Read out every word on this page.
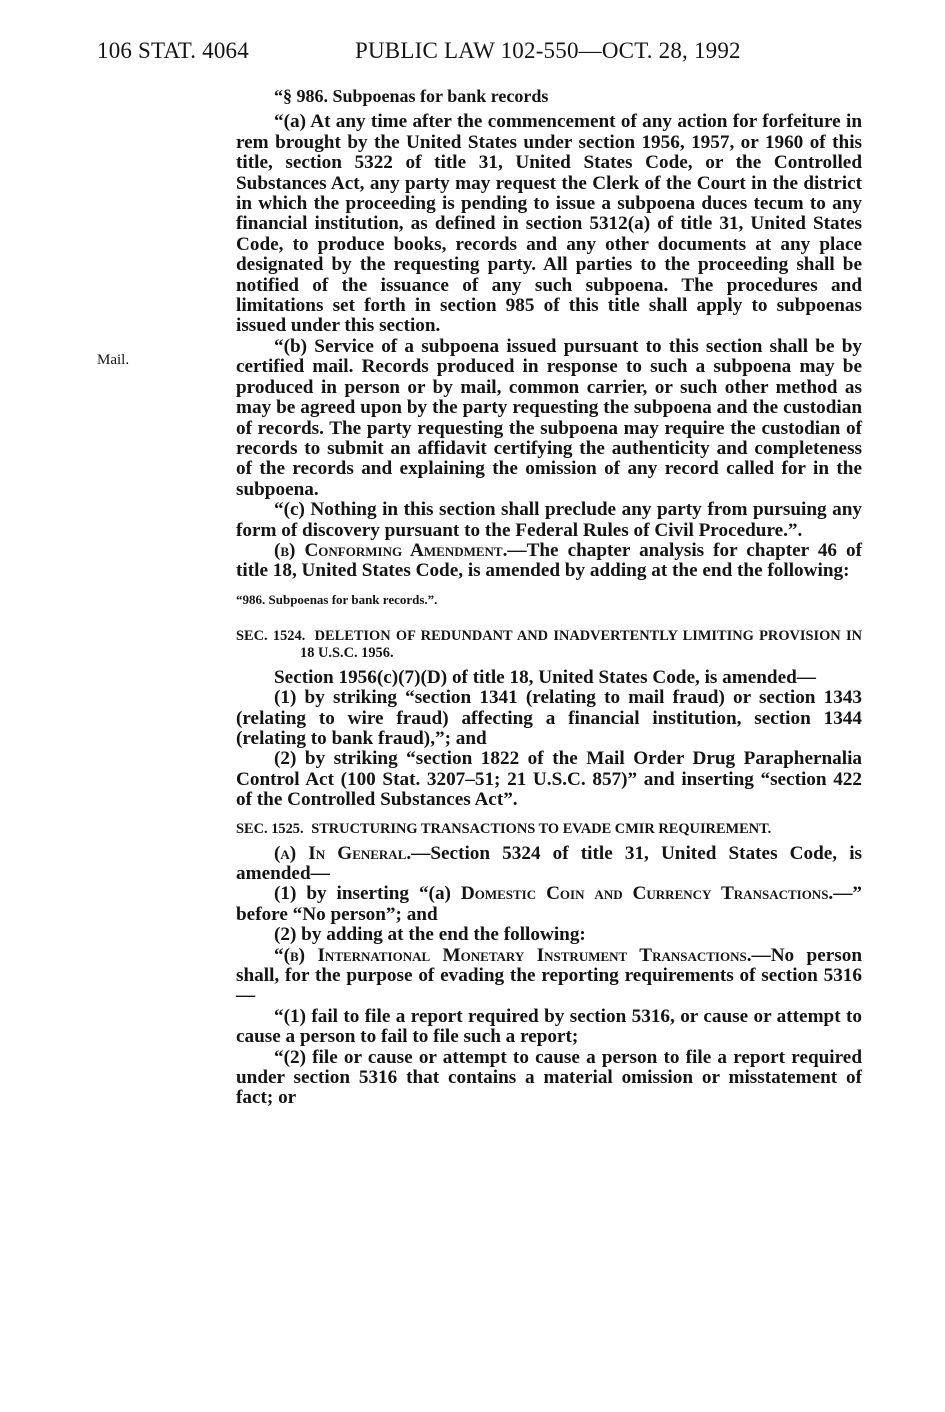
106 STAT. 4064	PUBLIC LAW 102-550—OCT. 28, 1992
Mail.
“§ 986. Subpoenas for bank records

“(a) At any time after the commencement of any action for forfeiture in rem brought by the United States under section 1956, 1957, or 1960 of this title, section 5322 of title 31, United States Code, or the Controlled Substances Act, any party may request the Clerk of the Court in the district in which the proceeding is pending to issue a subpoena duces tecum to any financial institution, as defined in section 5312(a) of title 31, United States Code, to produce books, records and any other documents at any place designated by the requesting party. All parties to the proceeding shall be notified of the issuance of any such subpoena. The procedures and limitations set forth in section 985 of this title shall apply to subpoenas issued under this section.

“(b) Service of a subpoena issued pursuant to this section shall be by certified mail. Records produced in response to such a subpoena may be produced in person or by mail, common carrier, or such other method as may be agreed upon by the party requesting the subpoena and the custodian of records. The party requesting the subpoena may require the custodian of records to submit an affidavit certifying the authenticity and completeness of the records and explaining the omission of any record called for in the subpoena.

“(c) Nothing in this section shall preclude any party from pursuing any form of discovery pursuant to the Federal Rules of Civil Procedure.”.

(b) Conforming Amendment.—The chapter analysis for chapter 46 of title 18, United States Code, is amended by adding at the end the following:

“986. Subpoenas for bank records.”.
SEC. 1524. DELETION OF REDUNDANT AND INADVERTENTLY LIMITING PROVISION IN 18 U.S.C. 1956.

Section 1956(c)(7)(D) of title 18, United States Code, is amended—

(1) by striking “section 1341 (relating to mail fraud) or section 1343 (relating to wire fraud) affecting a financial institution, section 1344 (relating to bank fraud),”; and

(2) by striking “section 1822 of the Mail Order Drug Paraphernalia Control Act (100 Stat. 3207–51; 21 U.S.C. 857)” and inserting “section 422 of the Controlled Substances Act”.

SEC. 1525. STRUCTURING TRANSACTIONS TO EVADE CMIR REQUIREMENT.

(a) In General.—Section 5324 of title 31, United States Code, is amended—

(1) by inserting “(a) Domestic Coin and Currency Transactions.—” before “No person”; and

(2) by adding at the end the following:

“(b) International Monetary Instrument Transactions.—No person shall, for the purpose of evading the reporting requirements of section 5316—

“(1) fail to file a report required by section 5316, or cause or attempt to cause a person to fail to file such a report;

“(2) file or cause or attempt to cause a person to file a report required under section 5316 that contains a material omission or misstatement of fact; or
